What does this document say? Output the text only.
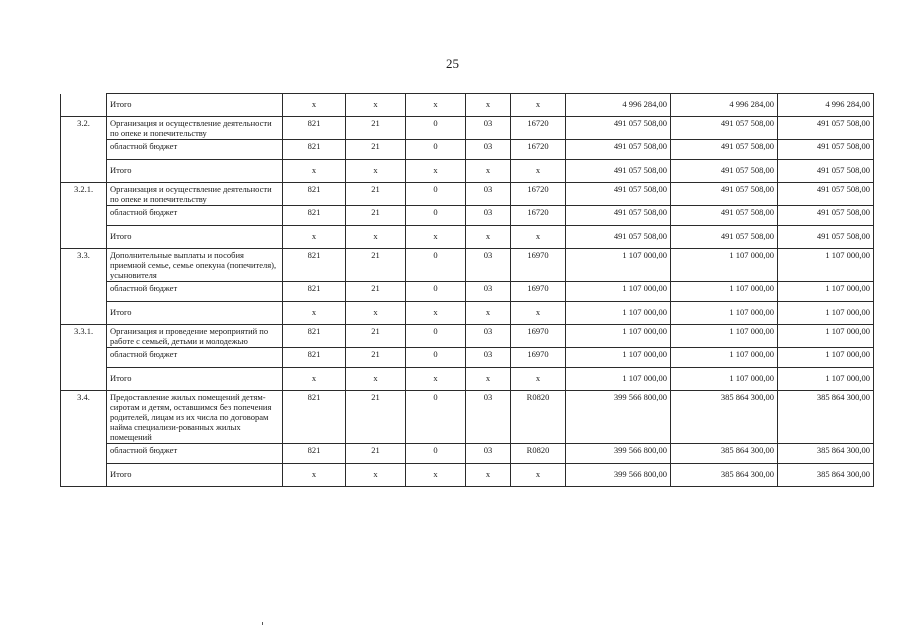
25
	Итого	х	х	х	х	х	4 996 284,00	4 996 284,00	4 996 284,00
3.2.	Организация и осуществление деятельности по опеке и попечительству	821	21	0	03	16720	491 057 508,00	491 057 508,00	491 057 508,00
	областной бюджет	821	21	0	03	16720	491 057 508,00	491 057 508,00	491 057 508,00
	Итого	х	х	х	х	х	491 057 508,00	491 057 508,00	491 057 508,00
3.2.1.	Организация и осуществление деятельности по опеке и попечительству	821	21	0	03	16720	491 057 508,00	491 057 508,00	491 057 508,00
	областной бюджет	821	21	0	03	16720	491 057 508,00	491 057 508,00	491 057 508,00
	Итого	х	х	х	х	х	491 057 508,00	491 057 508,00	491 057 508,00
3.3.	Дополнительные выплаты и пособия приемной семье, семье опекуна (попечителя), усыновителя	821	21	0	03	16970	1 107 000,00	1 107 000,00	1 107 000,00
	областной бюджет	821	21	0	03	16970	1 107 000,00	1 107 000,00	1 107 000,00
	Итого	х	х	х	х	х	1 107 000,00	1 107 000,00	1 107 000,00
3.3.1.	Организация и проведение мероприятий по работе с семьей, детьми и молодежью	821	21	0	03	16970	1 107 000,00	1 107 000,00	1 107 000,00
	областной бюджет	821	21	0	03	16970	1 107 000,00	1 107 000,00	1 107 000,00
	Итого	х	х	х	х	х	1 107 000,00	1 107 000,00	1 107 000,00
3.4.	Предоставление жилых помещений детям-сиротам и детям, оставшимся без попечения родителей, лицам из их числа по договорам найма специализи-рованных жилых помещений	821	21	0	03	R0820	399 566 800,00	385 864 300,00	385 864 300,00
	областной бюджет	821	21	0	03	R0820	399 566 800,00	385 864 300,00	385 864 300,00
	Итого	х	х	х	х	х	399 566 800,00	385 864 300,00	385 864 300,00
